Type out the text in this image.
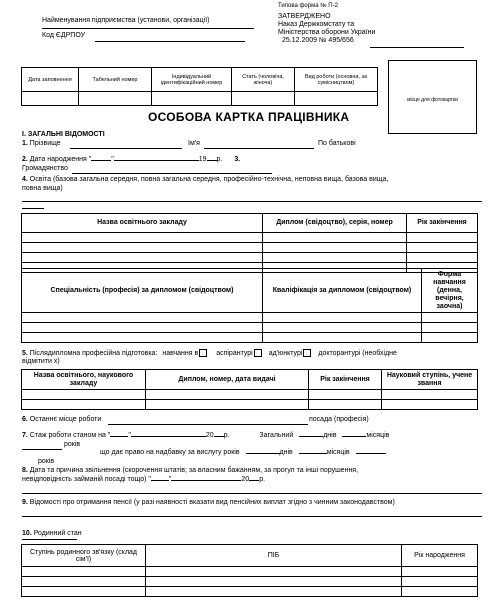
Типова форма № П-2
Найменування підприємства (установи, організації)
Код ЄДРПОУ
ЗАТВЕРДЖЕНО
Наказ Держкомстату та
Міністерства оборони України
25.12.2009 № 495/656
Дата заповнення	Табельний номер	Індивідуальний ідентифікаційний номер	Стать (чоловіча, жіноча)	Вид роботи (основна, за сумісництвом)

місце для фотокартки
ОСОБОВА КАРТКА ПРАЦІВНИКА
І. ЗАГАЛЬНІ ВІДОМОСТІ
1. Прізвище	Ім'я	По батькові
2. Дата народження "	"	19 р. 3.
Громадянство
4. Освіта (базова загальна середня, повна загальна середня, професійно-технічна, неповна вища, базова вища,
повна вища)
Назва освітнього закладу	Диплом (свідоцтво), серія, номер	Рік закінчення

Спеціальність (професія) за дипломом (свідоцтвом)	Кваліфікація за дипломом (свідоцтвом)	Форма навчання (денна, вечірня, заочна)

5. Післядипломна професійна підготовка: навчання в	аспірантурі ад'юнктурі докторантурі (необхідне
відмітити х)
Назва освітнього, наукового закладу	Диплом, номер, дата видачі	Рік закінчення	Науковий ступінь, учене звання

6. Останнє місце роботи	посада (професія)
7. Стаж роботи станом на "	"	20 р.	Загальний	днів	місяців
років
що дає право на надбавку за вислугу років	днів	місяців
років
8. Дата та причина звільнення (скорочення штатів; за власним бажанням, за прогул та інші порушення,
невідповідність займаній посаді тощо) "	"	20 р.
9. Відомості про отримання пенсії (у разі наявності вказати вид пенсійних виплат згідно з чинним законодавством)
10. Родинний стан
Ступінь родинного зв'язку (склад сім'ї)	ПІБ	Рік народження
